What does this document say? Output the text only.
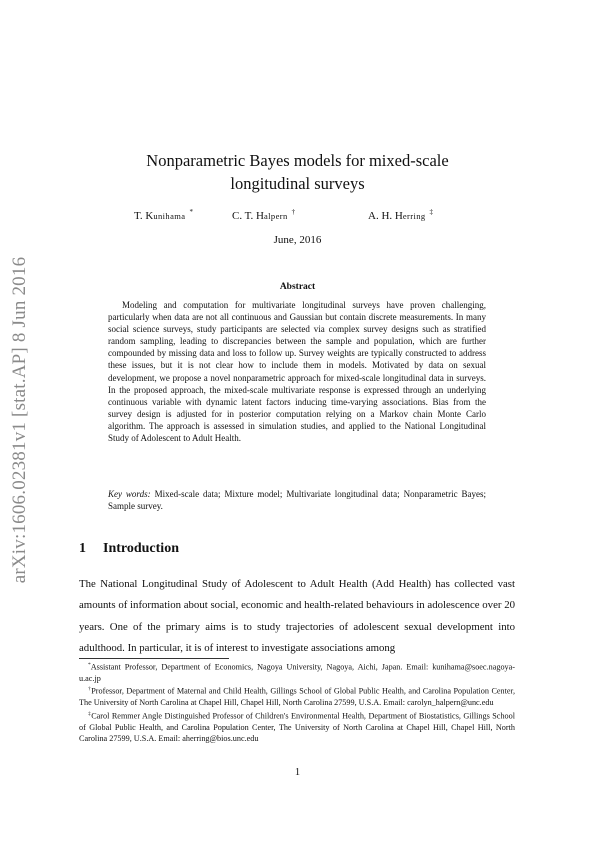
arXiv:1606.02381v1 [stat.AP] 8 Jun 2016
Nonparametric Bayes models for mixed-scale
longitudinal surveys
T. Kunihama *	C. T. Halpern †	A. H. Herring ‡
June, 2016
Abstract

Modeling and computation for multivariate longitudinal surveys have proven challenging, particularly when data are not all continuous and Gaussian but contain discrete measurements. In many social science surveys, study participants are selected via complex survey designs such as stratified random sampling, leading to discrepancies between the sample and population, which are further compounded by missing data and loss to follow up. Survey weights are typically constructed to address these issues, but it is not clear how to include them in models. Motivated by data on sexual development, we propose a novel nonparametric approach for mixed-scale longitudinal data in surveys. In the proposed approach, the mixed-scale multivariate response is expressed through an underlying continuous variable with dynamic latent factors inducing time-varying associations. Bias from the survey design is adjusted for in posterior computation relying on a Markov chain Monte Carlo algorithm. The approach is assessed in simulation studies, and applied to the National Longitudinal Study of Adolescent to Adult Health.

Key words: Mixed-scale data; Mixture model; Multivariate longitudinal data; Nonparametric Bayes; Sample survey.

1 Introduction

The National Longitudinal Study of Adolescent to Adult Health (Add Health) has collected vast amounts of information about social, economic and health-related behaviours in adolescence over 20 years. One of the primary aims is to study trajectories of adolescent sexual development into adulthood. In particular, it is of interest to investigate associations among

*Assistant Professor, Department of Economics, Nagoya University, Nagoya, Aichi, Japan. Email: kunihama@soec.nagoya-u.ac.jp

†Professor, Department of Maternal and Child Health, Gillings School of Global Public Health, and Carolina Population Center, The University of North Carolina at Chapel Hill, Chapel Hill, North Carolina 27599, U.S.A. Email: carolyn_halpern@unc.edu

‡Carol Remmer Angle Distinguished Professor of Children's Environmental Health, Department of Biostatistics, Gillings School of Global Public Health, and Carolina Population Center, The University of North Carolina at Chapel Hill, Chapel Hill, North Carolina 27599, U.S.A. Email: aherring@bios.unc.edu

1
